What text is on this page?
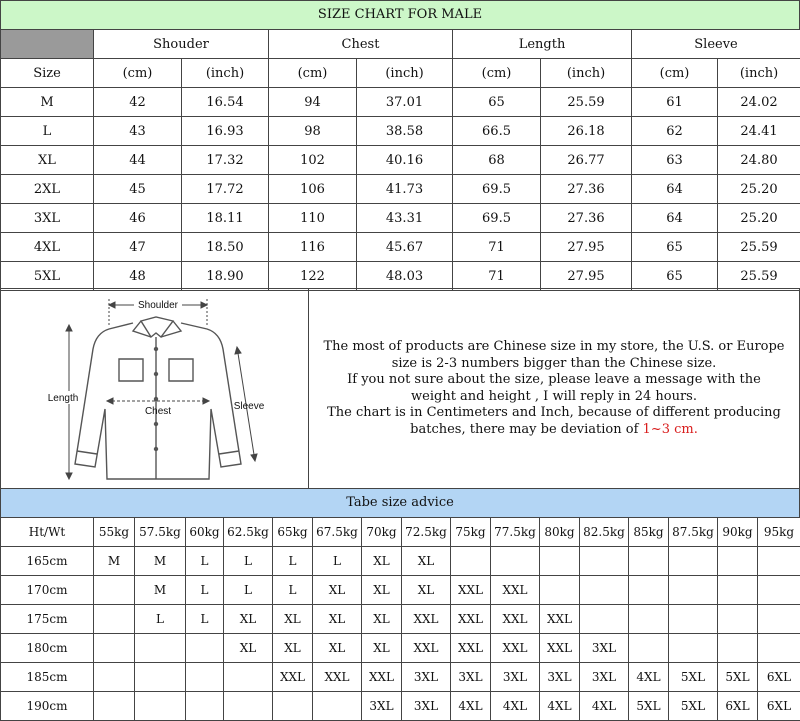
SIZE CHART FOR MALE
	Shouder		Chest		Length		Sleeve	
Size	(cm)	(inch)	(cm)	(inch)	(cm)	(inch)	(cm)	(inch)
M	42	16.54	94	37.01	65	25.59	61	24.02
L	43	16.93	98	38.58	66.5	26.18	62	24.41
XL	44	17.32	102	40.16	68	26.77	63	24.80
2XL	45	17.72	106	41.73	69.5	27.36	64	25.20
3XL	46	18.11	110	43.31	69.5	27.36	64	25.20
4XL	47	18.50	116	45.67	71	27.95	65	25.59
5XL	48	18.90	122	48.03	71	27.95	65	25.59
Shoulder
Length
Chest	Sleeve
The most of products are Chinese size in my store, the U.S. or Europe
size is 2-3 numbers bigger than the Chinese size.
If you not sure about the size, please leave a message with the
weight and height , I will reply in 24 hours.
The chart is in Centimeters and Inch, because of different producing
batches, there may be deviation of 1~3 cm.
Tabe size advice
Ht/Wt	55kg	57.5kg	60kg	62.5kg	65kg	67.5kg	70kg	72.5kg	75kg	77.5kg	80kg	82.5kg	85kg	87.5kg	90kg	95kg
165cm	M	M	L	L	L	L	XL	XL								
170cm		M	L	L	L	XL	XL	XL	XXL	XXL						
175cm		L	L	XL	XL	XL	XL	XXL	XXL	XXL	XXL					
180cm				XL	XL	XL	XL	XXL	XXL	XXL	XXL	3XL				
185cm					XXL	XXL	XXL	3XL	3XL	3XL	3XL	3XL	4XL	5XL	5XL	6XL
190cm							3XL	3XL	4XL	4XL	4XL	4XL	5XL	5XL	6XL	6XL
